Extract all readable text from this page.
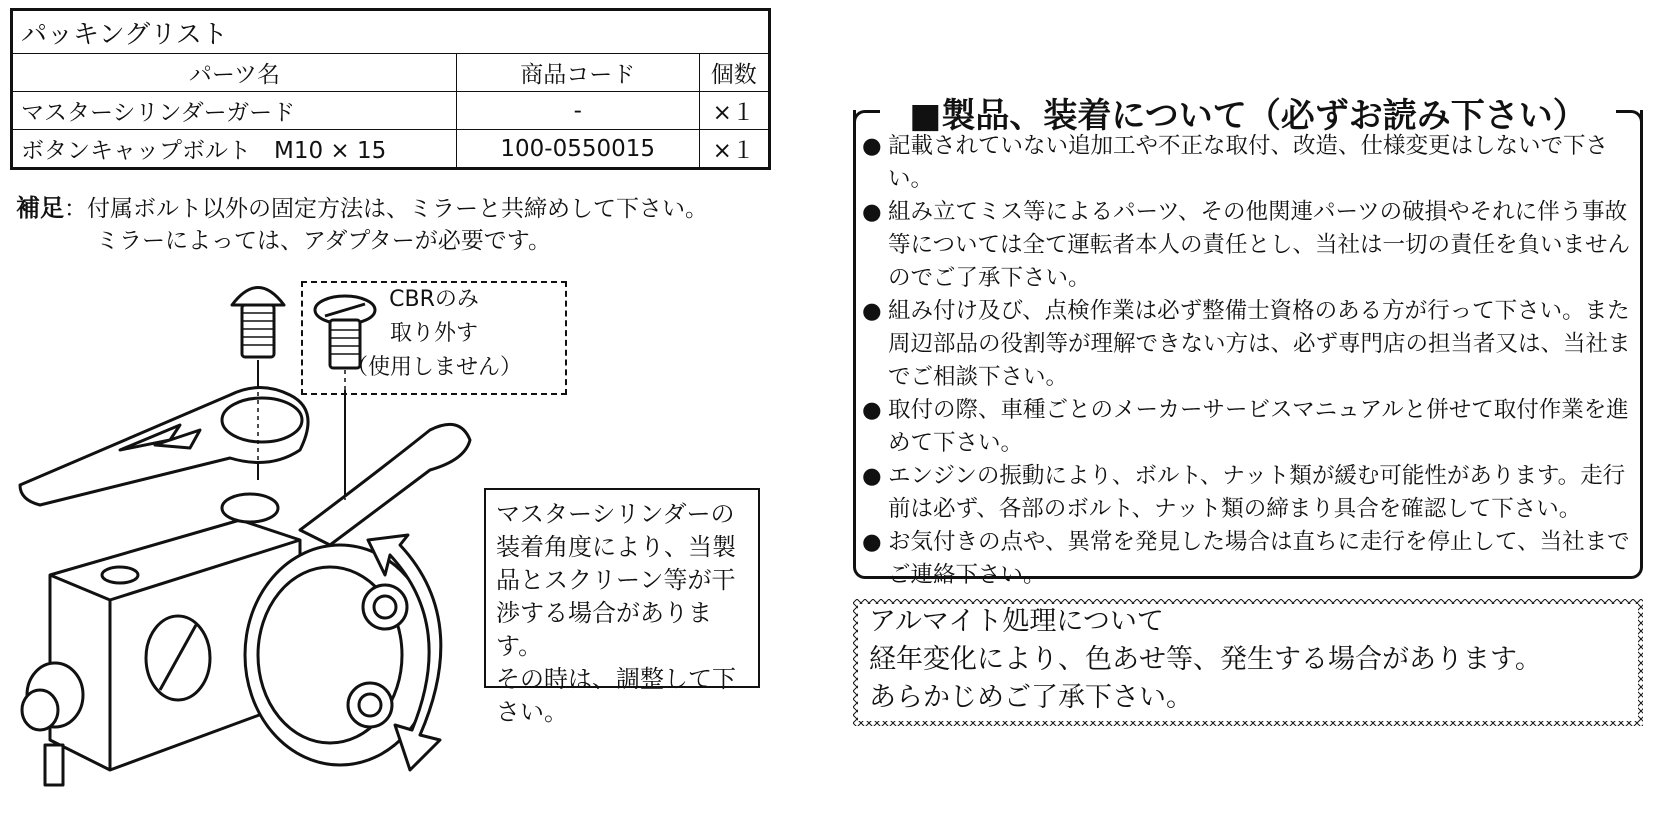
パッキングリスト		
パーツ名	商品コード	個数
マスターシリンダーガード	-	×１
ボタンキャップボルト　M10 × 15	100-0550015	×１
補足：付属ボルト以外の固定方法は、ミラーと共締めして下さい。
ミラーによっては、アダプターが必要です。
CBRのみ
取り外す
（使用しません）
マスターシリンダーの
装着角度により、当製
品とスクリーン等が干
渉する場合があります。
その時は、調整して下
さい。
■製品、装着について（必ずお読み下さい）
● 記載されていない追加工や不正な取付、改造、仕様変更はしないで下さい。
● 組み立てミス等によるパーツ、その他関連パーツの破損やそれに伴う事故等については全て運転者本人の責任とし、当社は一切の責任を負いませんのでご了承下さい。
● 組み付け及び、点検作業は必ず整備士資格のある方が行って下さい。また周辺部品の役割等が理解できない方は、必ず専門店の担当者又は、当社までご相談下さい。
● 取付の際、車種ごとのメーカーサービスマニュアルと併せて取付作業を進めて下さい。
● エンジンの振動により、ボルト、ナット類が緩む可能性があります。走行前は必ず、各部のボルト、ナット類の締まり具合を確認して下さい。
● お気付きの点や、異常を発見した場合は直ちに走行を停止して、当社までご連絡下さい。
アルマイト処理について
経年変化により、色あせ等、発生する場合があります。
あらかじめご了承下さい。
